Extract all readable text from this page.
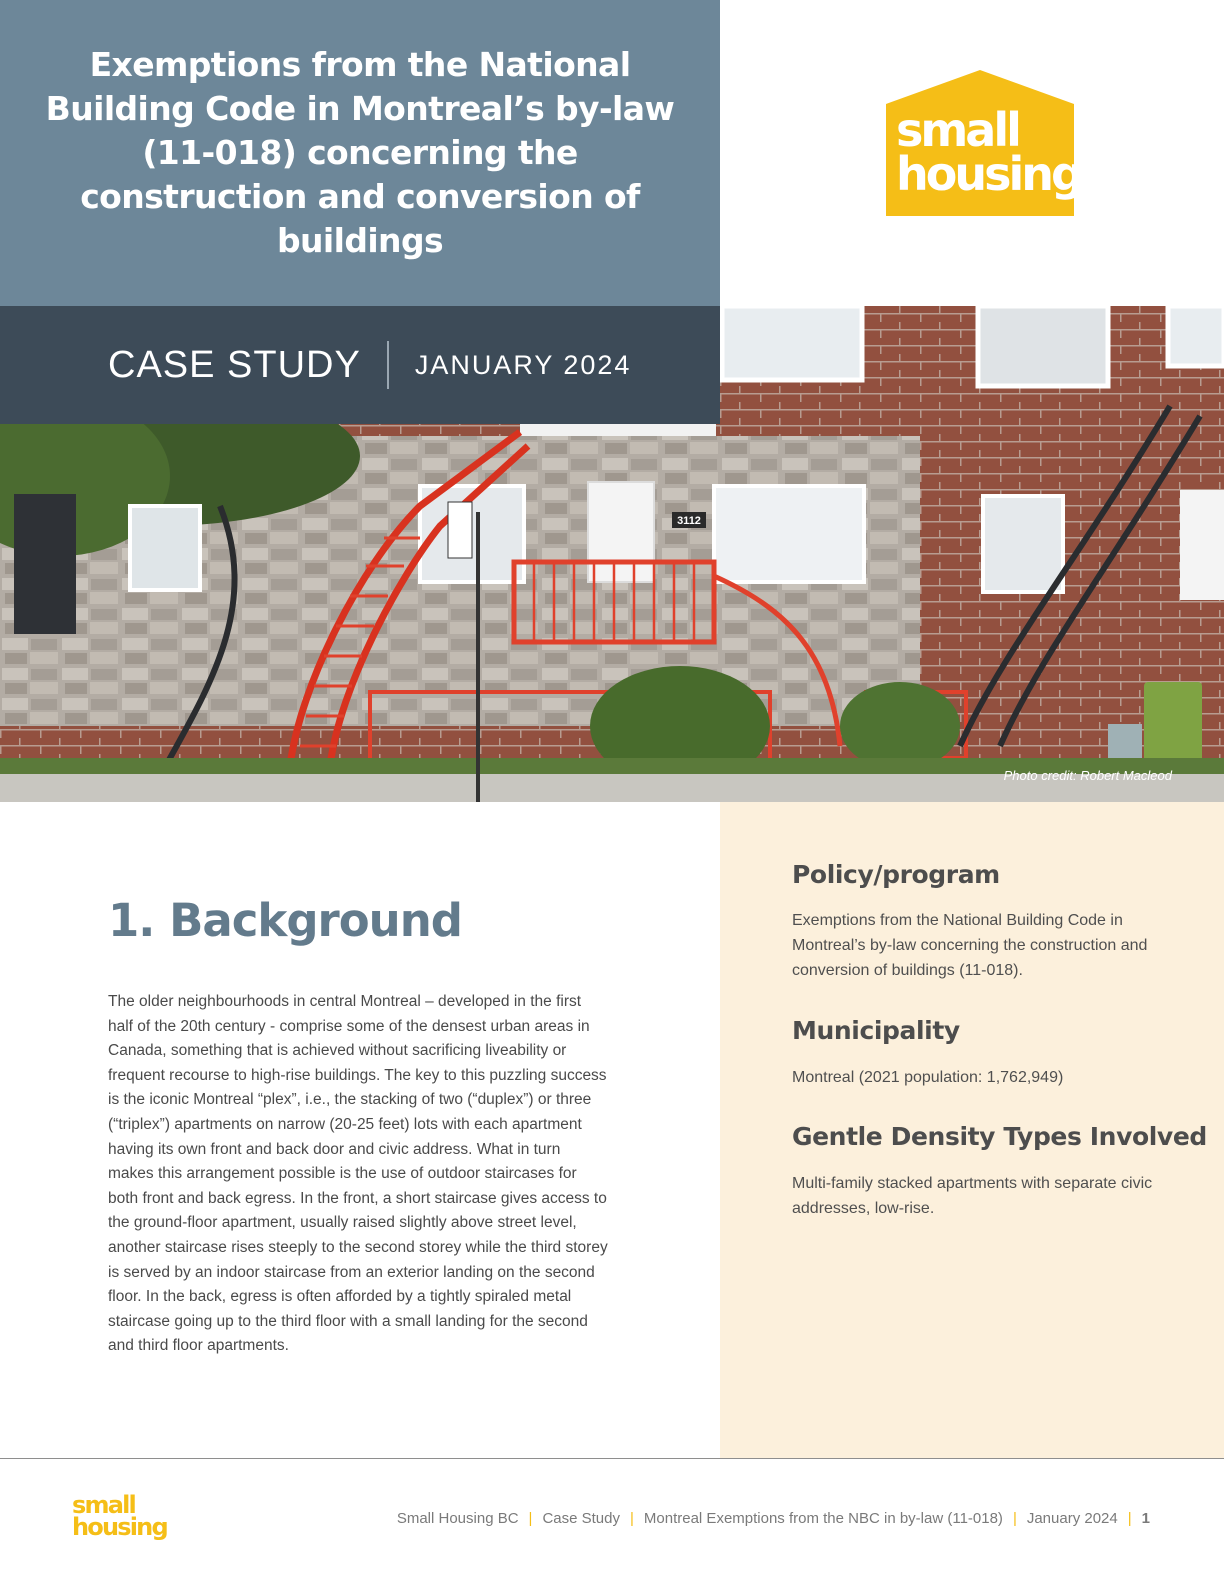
Exemptions from the National Building Code in Montreal’s by-law (11-018) concerning the construction and conversion of buildings
small
housing
3112
CASE STUDY JANUARY 2024
Photo credit: Robert Macleod
1. Background

The older neighbourhoods in central Montreal – developed in the first half of the 20th century - comprise some of the densest urban areas in Canada, something that is achieved without sacrificing liveability or frequent recourse to high-rise buildings. The key to this puzzling success is the iconic Montreal “plex”, i.e., the stacking of two (“duplex”) or three (“triplex”) apartments on narrow (20-25 feet) lots with each apartment having its own front and back door and civic address. What in turn makes this arrangement possible is the use of outdoor staircases for both front and back egress. In the front, a short staircase gives access to the ground-floor apartment, usually raised slightly above street level, another staircase rises steeply to the second storey while the third storey is served by an indoor staircase from an exterior landing on the second floor. In the back, egress is often afforded by a tightly spiraled metal staircase going up to the third floor with a small landing for the second and third floor apartments.

Policy/program

Exemptions from the National Building Code in Montreal’s by-law concerning the construction and conversion of buildings (11-018).

Municipality

Montreal (2021 population: 1,762,949)

Gentle Density Types Involved

Multi-family stacked apartments with separate civic addresses, low-rise.

small
housing	Small Housing BC | Case Study | Montreal Exemptions from the NBC in by-law (11-018) | January 2024 | 1
